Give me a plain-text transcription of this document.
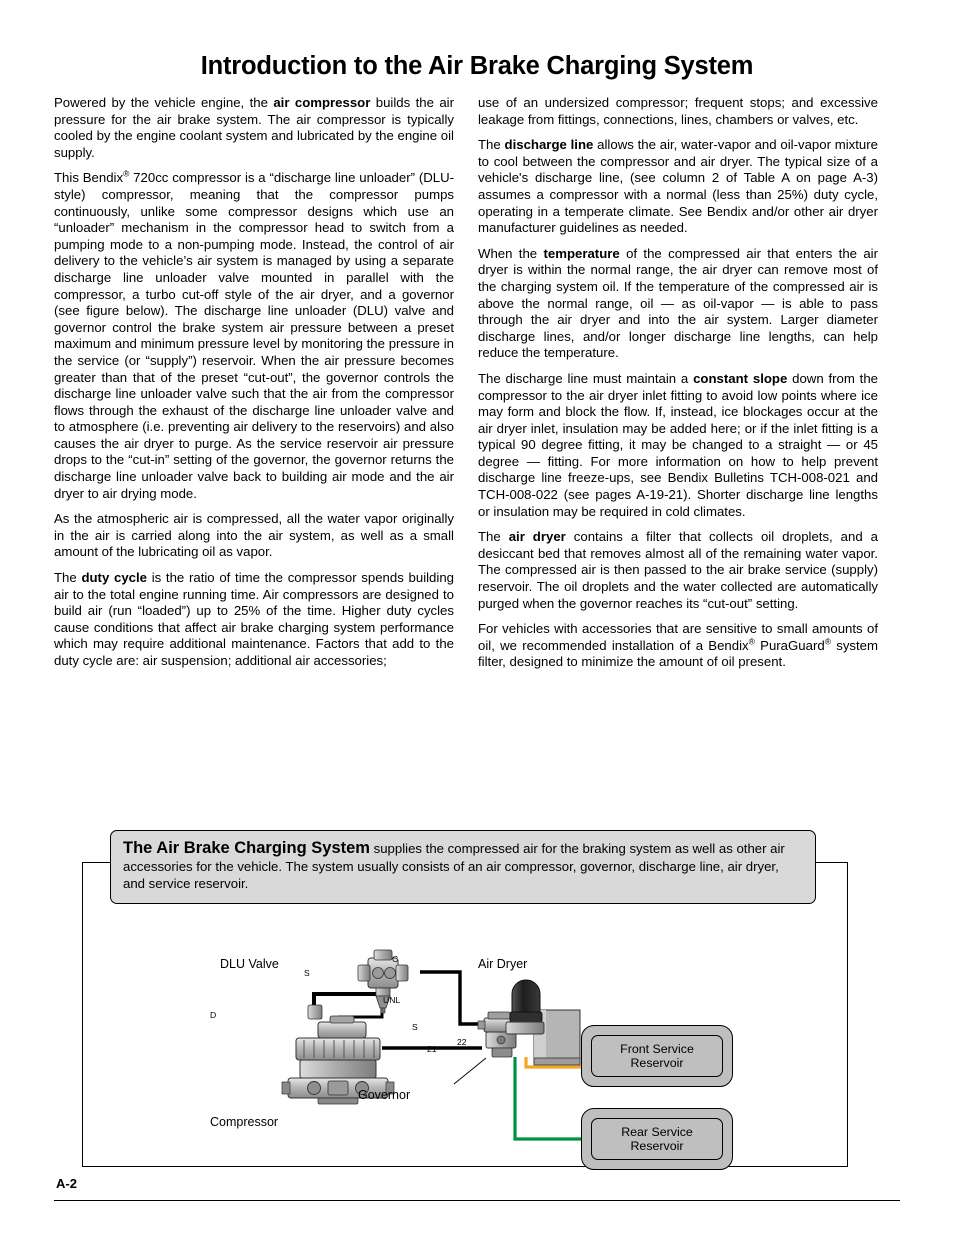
Introduction to the Air Brake Charging System

Powered by the vehicle engine, the air compressor builds the air pressure for the air brake system. The air compressor is typically cooled by the engine coolant system and lubricated by the engine oil supply.

This Bendix® 720cc compressor is a “discharge line unloader” (DLU-style) compressor, meaning that the compressor pumps continuously, unlike some compressor designs which use an “unloader” mechanism in the compressor head to switch from a pumping mode to a non-pumping mode. Instead, the control of air delivery to the vehicle’s air system is managed by using a separate discharge line unloader valve mounted in parallel with the compressor, a turbo cut-off style of the air dryer, and a governor (see figure below). The discharge line unloader (DLU) valve and governor control the brake system air pressure between a preset maximum and minimum pressure level by monitoring the pressure in the service (or “supply”) reservoir. When the air pressure becomes greater than that of the preset “cut-out”, the governor controls the discharge line unloader valve such that the air from the compressor flows through the exhaust of the discharge line unloader valve and to atmosphere (i.e. preventing air delivery to the reservoirs) and also causes the air dryer to purge. As the service reservoir air pressure drops to the “cut-in” setting of the governor, the governor returns the discharge line unloader valve back to building air mode and the air dryer to air drying mode.

As the atmospheric air is compressed, all the water vapor originally in the air is carried along into the air system, as well as a small amount of the lubricating oil as vapor.

The duty cycle is the ratio of time the compressor spends building air to the total engine running time. Air compressors are designed to build air (run “loaded”) up to 25% of the time. Higher duty cycles cause conditions that affect air brake charging system performance which may require additional maintenance. Factors that add to the duty cycle are: air suspension; additional air accessories;

use of an undersized compressor; frequent stops; and excessive leakage from fittings, connections, lines, chambers or valves, etc.

The discharge line allows the air, water-vapor and oil-vapor mixture to cool between the compressor and air dryer. The typical size of a vehicle's discharge line, (see column 2 of Table A on page A-3) assumes a compressor with a normal (less than 25%) duty cycle, operating in a temperate climate. See Bendix and/or other air dryer manufacturer guidelines as needed.

When the temperature of the compressed air that enters the air dryer is within the normal range, the air dryer can remove most of the charging system oil. If the temperature of the compressed air is above the normal range, oil — as oil-vapor — is able to pass through the air dryer and into the air system. Larger diameter discharge lines, and/or longer discharge line lengths, can help reduce the temperature.

The discharge line must maintain a constant slope down from the compressor to the air dryer inlet fitting to avoid low points where ice may form and block the flow. If, instead, ice blockages occur at the air dryer inlet, insulation may be added here; or if the inlet fitting is a typical 90 degree fitting, it may be changed to a straight — or 45 degree — fitting. For more information on how to help prevent discharge line freeze-ups, see Bendix Bulletins TCH-008-021 and TCH-008-022 (see pages A-19-21). Shorter discharge line lengths or insulation may be required in cold climates.

The air dryer contains a filter that collects oil droplets, and a desiccant bed that removes almost all of the remaining water vapor. The compressed air is then passed to the air brake service (supply) reservoir. The oil droplets and the water collected are automatically purged when the governor reaches its “cut-out” setting.

For vehicles with accessories that are sensitive to small amounts of oil, we recommended installation of a Bendix® PuraGuard® system filter, designed to minimize the amount of oil present.

The Air Brake Charging System supplies the compressed air for the braking system as well as other air accessories for the vehicle. The system usually consists of an air compressor, governor, discharge line, air dryer, and service reservoir.
DLU Valve	Air Dryer
Governor
Compressor
C
S
D
UNL
S
21
22	Front Service
Reservoir
Rear Service
Reservoir
A-2
